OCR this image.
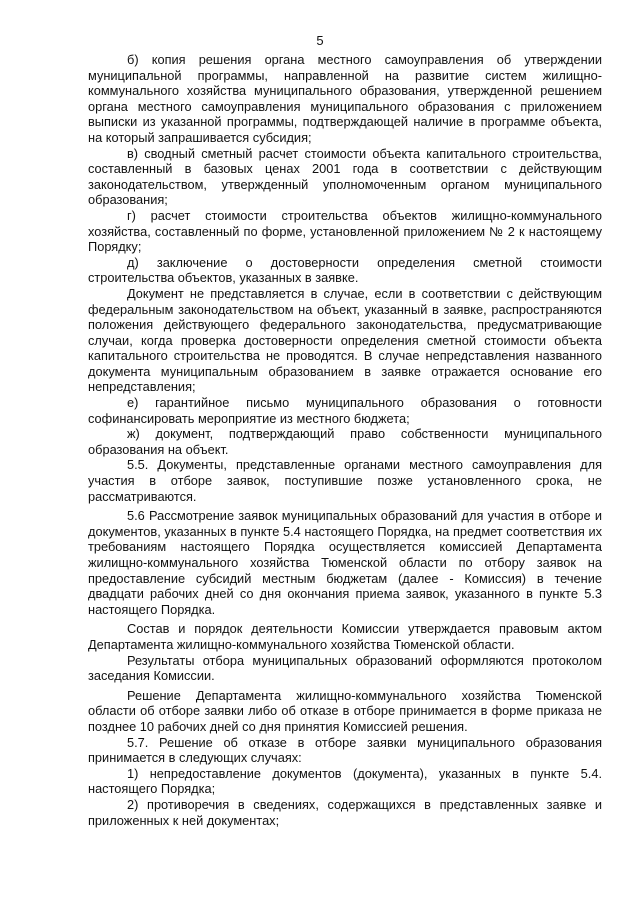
5

б) копия решения органа местного самоуправления об утверждении муниципальной программы, направленной на развитие систем жилищно-коммунального хозяйства муниципального образования, утвержденной решением органа местного самоуправления муниципального образования с приложением выписки из указанной программы, подтверждающей наличие в программе объекта, на который запрашивается субсидия;

в) сводный сметный расчет стоимости объекта капитального строительства, составленный в базовых ценах 2001 года в соответствии с действующим законодательством, утвержденный уполномоченным органом муниципального образования;

г) расчет стоимости строительства объектов жилищно-коммунального хозяйства, составленный по форме, установленной приложением № 2 к настоящему Порядку;

д) заключение о достоверности определения сметной стоимости строительства объектов, указанных в заявке.

Документ не представляется в случае, если в соответствии с действующим федеральным законодательством на объект, указанный в заявке, распространяются положения действующего федерального законодательства, предусматривающие случаи, когда проверка достоверности определения сметной стоимости объекта капитального строительства не проводятся. В случае непредставления названного документа муниципальным образованием в заявке отражается основание его непредставления;

е) гарантийное письмо муниципального образования о готовности софинансировать мероприятие из местного бюджета;

ж) документ, подтверждающий право собственности муниципального образования на объект.

5.5. Документы, представленные органами местного самоуправления для участия в отборе заявок, поступившие позже установленного срока, не рассматриваются.

5.6 Рассмотрение заявок муниципальных образований для участия в отборе и документов, указанных в пункте 5.4 настоящего Порядка, на предмет соответствия их требованиям настоящего Порядка осуществляется комиссией Департамента жилищно-коммунального хозяйства Тюменской области по отбору заявок на предоставление субсидий местным бюджетам (далее - Комиссия) в течение двадцати рабочих дней со дня окончания приема заявок, указанного в пункте 5.3 настоящего Порядка.

Состав и порядок деятельности Комиссии утверждается правовым актом Департамента жилищно-коммунального хозяйства Тюменской области.

Результаты отбора муниципальных образований оформляются протоколом заседания Комиссии.

Решение Департамента жилищно-коммунального хозяйства Тюменской области об отборе заявки либо об отказе в отборе принимается в форме приказа не позднее 10 рабочих дней со дня принятия Комиссией решения.

5.7. Решение об отказе в отборе заявки муниципального образования принимается в следующих случаях:

1) непредоставление документов (документа), указанных в пункте 5.4. настоящего Порядка;

2) противоречия в сведениях, содержащихся в представленных заявке и приложенных к ней документах;
